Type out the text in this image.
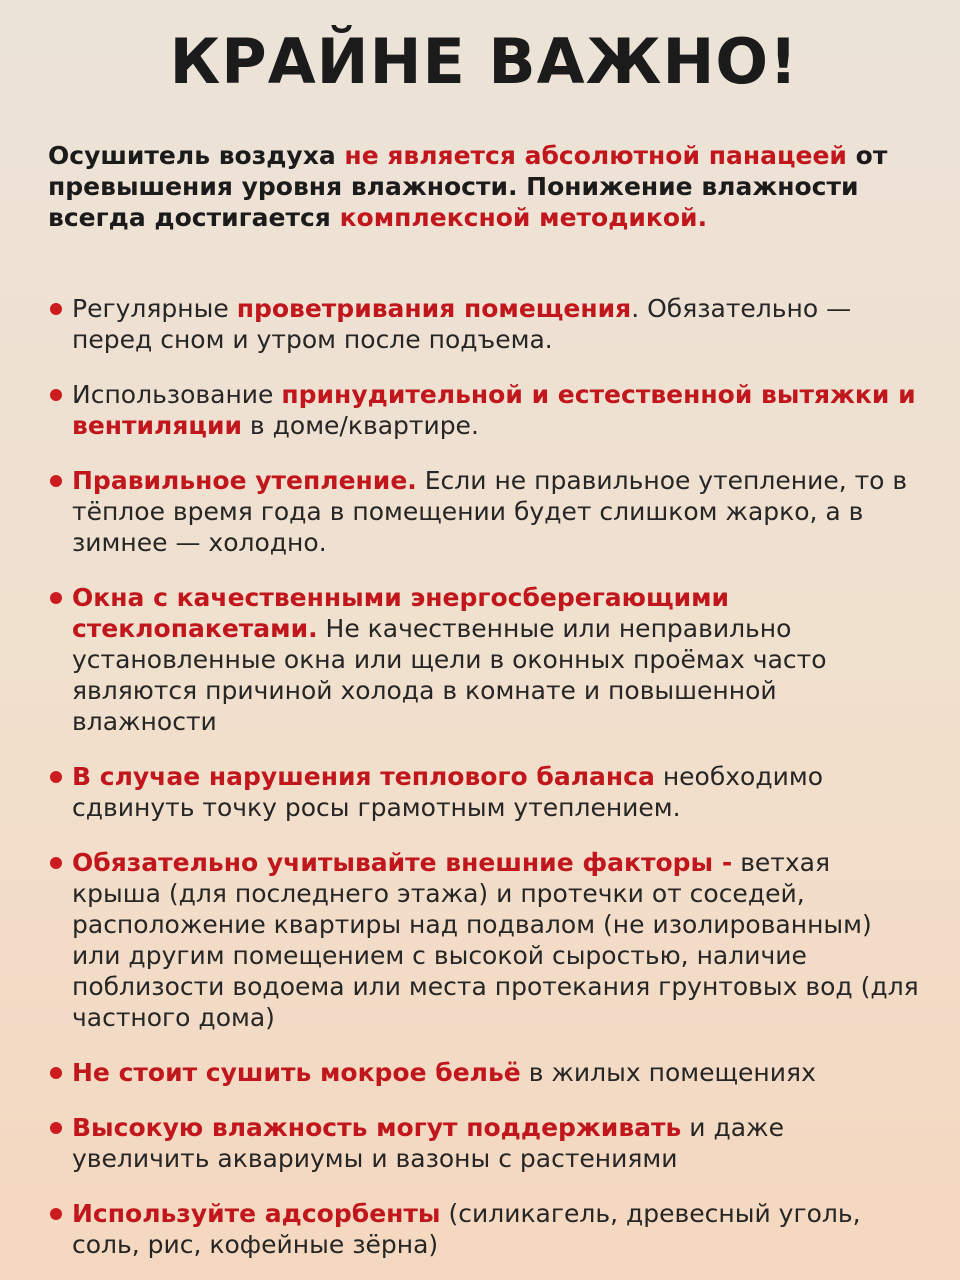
КРАЙНЕ ВАЖНО!

Осушитель воздуха не является абсолютной панацеей от превышения уровня влажности. Понижение влажности всегда достигается комплексной методикой.

Регулярные проветривания помещения. Обязательно — перед сном и утром после подъема.
Использование принудительной и естественной вытяжки и вентиляции в доме/квартире.
Правильное утепление. Если не правильное утепление, то в тёплое время года в помещении будет слишком жарко, а в зимнее — холодно.
Окна с качественными энергосберегающими стеклопакетами. Не качественные или неправильно установленные окна или щели в оконных проёмах часто являются причиной холода в комнате и повышенной влажности
В случае нарушения теплового баланса необходимо сдвинуть точку росы грамотным утеплением.
Обязательно учитывайте внешние факторы - ветхая крыша (для последнего этажа) и протечки от соседей, расположение квартиры над подвалом (не изолированным) или другим помещением с высокой сыростью, наличие поблизости водоема или места протекания грунтовых вод (для частного дома)
Не стоит сушить мокрое бельё в жилых помещениях
Высокую влажность могут поддерживать и даже увеличить аквариумы и вазоны с растениями
Используйте адсорбенты (силикагель, древесный уголь, соль, рис, кофейные зёрна)
